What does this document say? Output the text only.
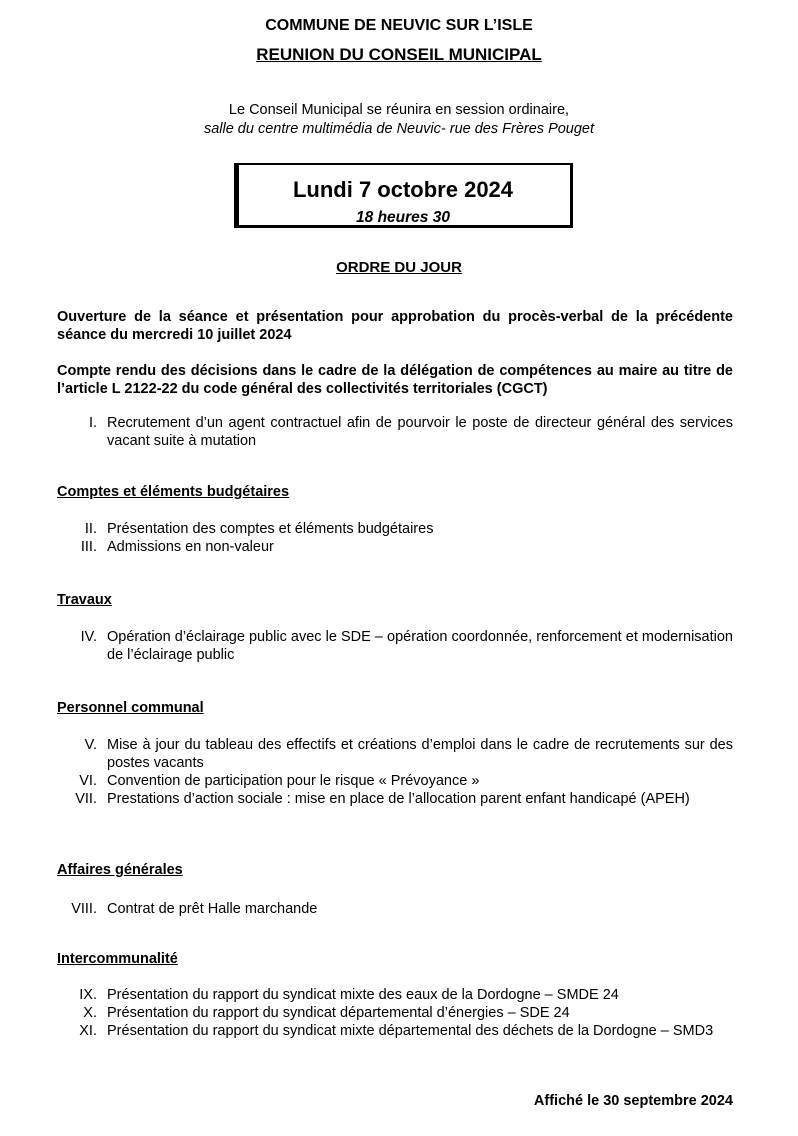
COMMUNE DE NEUVIC SUR L’ISLE
REUNION DU CONSEIL MUNICIPAL
Le Conseil Municipal se réunira en session ordinaire,
salle du centre multimédia de Neuvic- rue des Frères Pouget
Lundi 7 octobre 2024
18 heures 30
ORDRE DU JOUR
Ouverture de la séance et présentation pour approbation du procès-verbal de la précédente séance du mercredi 10 juillet 2024
Compte rendu des décisions dans le cadre de la délégation de compétences au maire au titre de l’article L 2122-22 du code général des collectivités territoriales (CGCT)
I. Recrutement d’un agent contractuel afin de pourvoir le poste de directeur général des services vacant suite à mutation
Comptes et éléments budgétaires
II. Présentation des comptes et éléments budgétaires
III. Admissions en non-valeur
Travaux
IV. Opération d’éclairage public avec le SDE – opération coordonnée, renforcement et modernisation de l’éclairage public
Personnel communal
V. Mise à jour du tableau des effectifs et créations d’emploi dans le cadre de recrutements sur des postes vacants
VI. Convention de participation pour le risque « Prévoyance »
VII. Prestations d’action sociale : mise en place de l’allocation parent enfant handicapé (APEH)
Affaires générales
VIII. Contrat de prêt Halle marchande
Intercommunalité
IX. Présentation du rapport du syndicat mixte des eaux de la Dordogne – SMDE 24
X. Présentation du rapport du syndicat départemental d’énergies – SDE 24
XI. Présentation du rapport du syndicat mixte départemental des déchets de la Dordogne – SMD3
Affiché le 30 septembre 2024
